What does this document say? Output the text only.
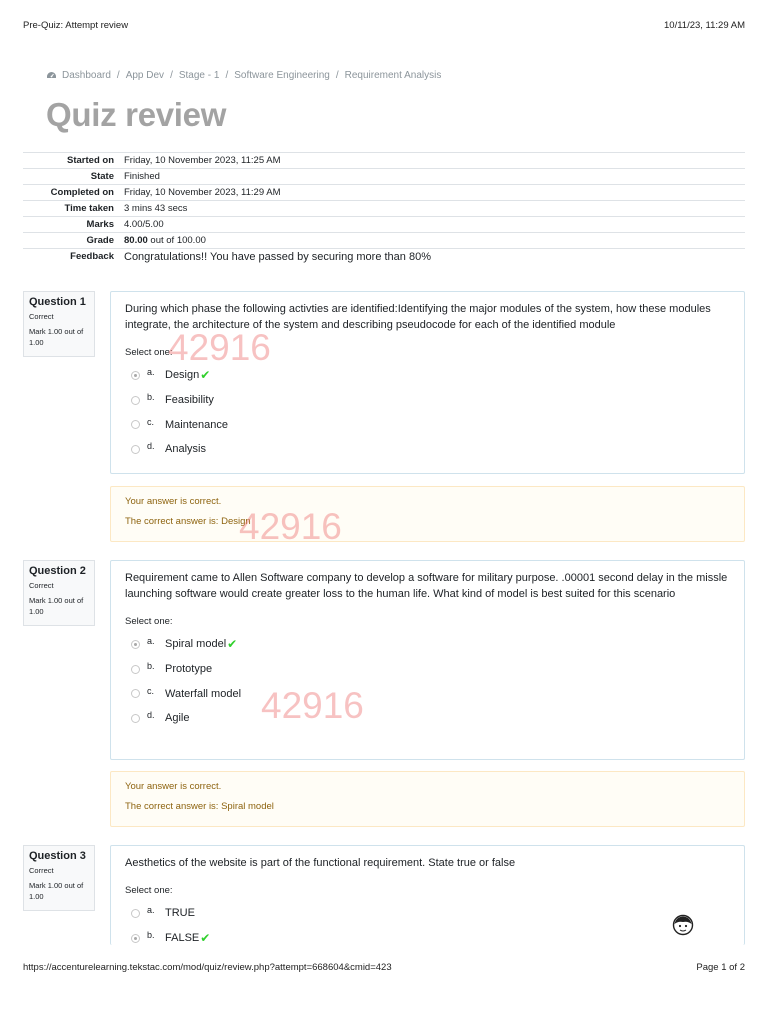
Pre-Quiz: Attempt review	10/11/23, 11:29 AM
Dashboard / App Dev / Stage - 1 / Software Engineering / Requirement Analysis
Quiz review
Started on	Friday, 10 November 2023, 11:25 AM
State	Finished
Completed on	Friday, 10 November 2023, 11:29 AM
Time taken	3 mins 43 secs
Marks	4.00/5.00
Grade	80.00 out of 100.00
Feedback	Congratulations!! You have passed by securing more than 80%
Question 1
Correct
Mark 1.00 out of 1.00
During which phase the following activties are identified:Identifying the major modules of the system, how these modules integrate, the architecture of the system and describing pseudocode for each of the identified module
Select one:
a. Design ✔
b. Feasibility
c. Maintenance
d. Analysis
Your answer is correct.
The correct answer is: Design
Question 2
Correct
Mark 1.00 out of 1.00
Requirement came to Allen Software company to develop a software for military purpose. .00001 second delay in the missle launching software would create greater loss to the human life. What kind of model is best suited for this scenario
Select one:
a. Spiral model ✔
b. Prototype
c. Waterfall model
d. Agile
Your answer is correct.
The correct answer is: Spiral model
Question 3
Correct
Mark 1.00 out of 1.00
Aesthetics of the website is part of the functional requirement. State true or false
Select one:
a. TRUE
b. FALSE ✔
42916
42916
42916
https://accenturelearning.tekstac.com/mod/quiz/review.php?attempt=668604&cmid=423	Page 1 of 2
